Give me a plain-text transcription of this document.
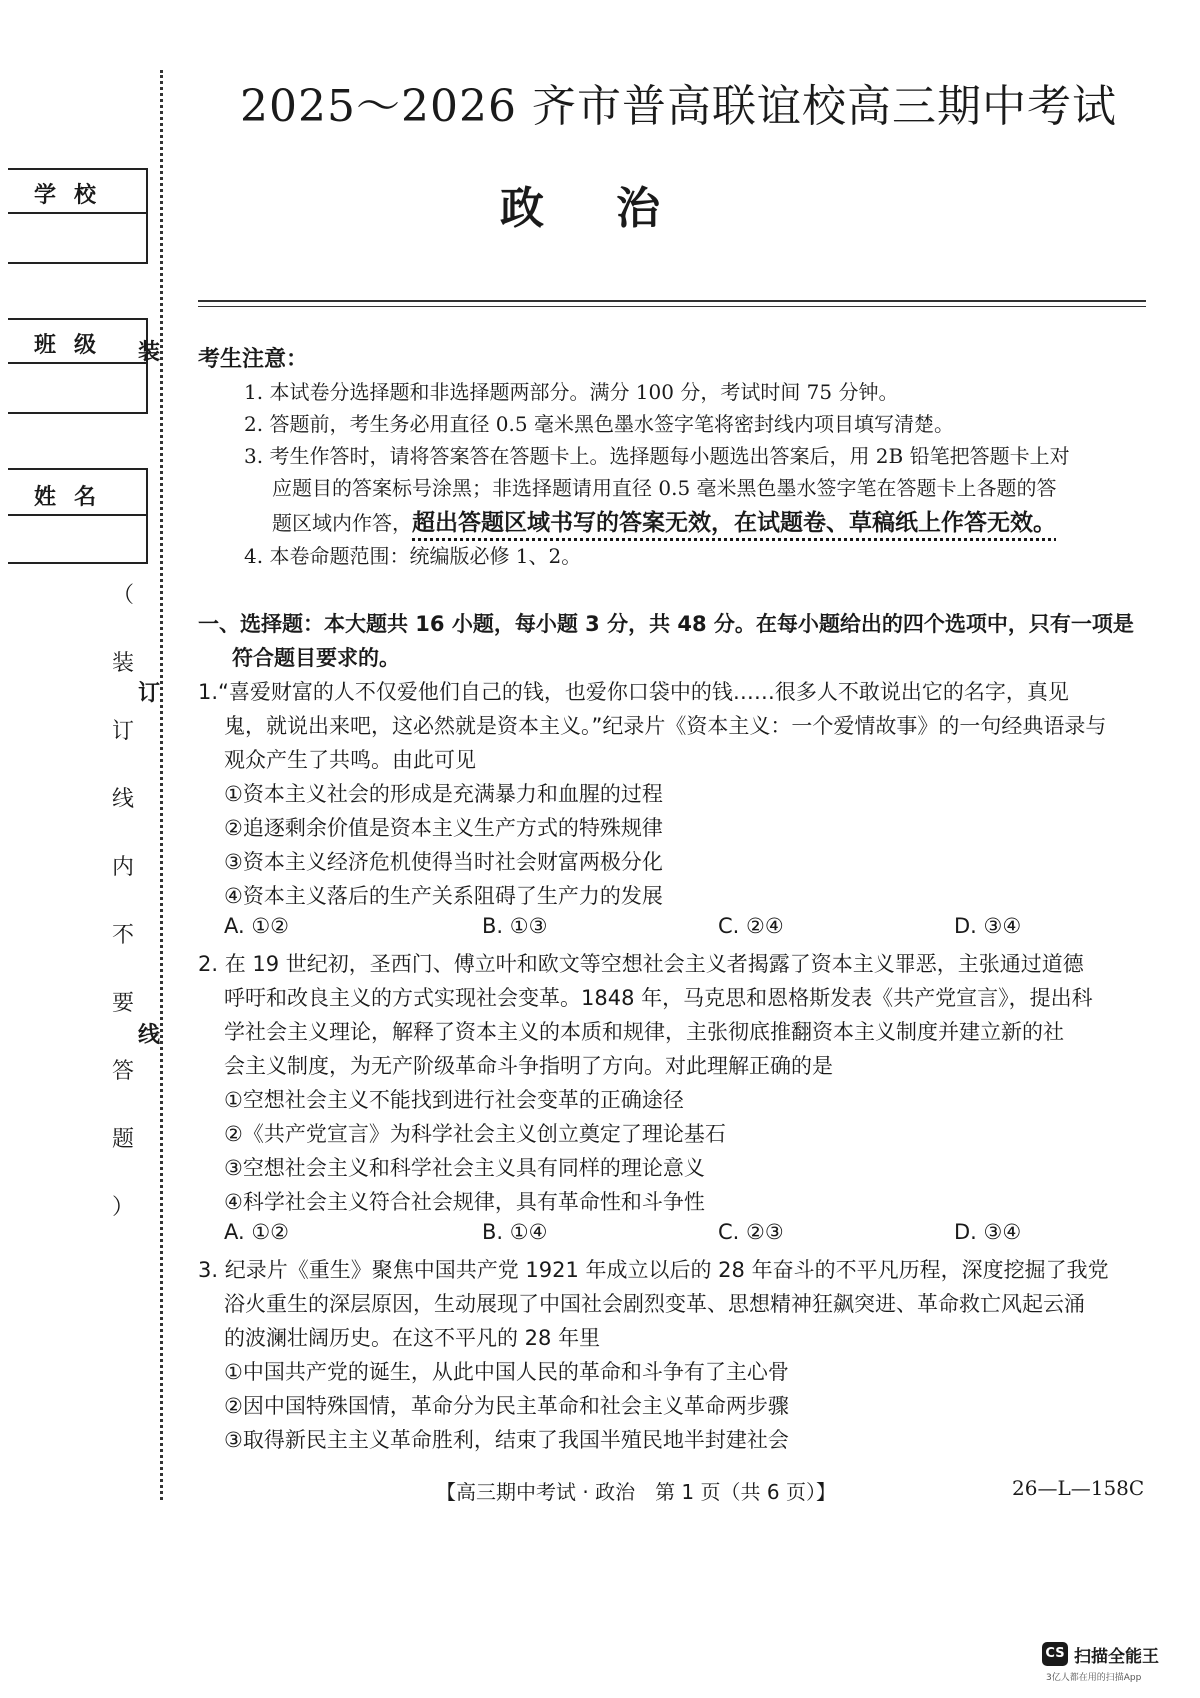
2025～2026 齐市普高联谊校高三期中考试
政治
学校
班级
姓名
装
订
线
（
装
订
线
内
不
要
答
题
）
考生注意：
1. 本试卷分选择题和非选择题两部分。满分 100 分，考试时间 75 分钟。
2. 答题前，考生务必用直径 0.5 毫米黑色墨水签字笔将密封线内项目填写清楚。
3. 考生作答时，请将答案答在答题卡上。选择题每小题选出答案后，用 2B 铅笔把答题卡上对
应题目的答案标号涂黑；非选择题请用直径 0.5 毫米黑色墨水签字笔在答题卡上各题的答
题区域内作答，超出答题区域书写的答案无效，在试题卷、草稿纸上作答无效。
4. 本卷命题范围：统编版必修 1、2。
一、选择题：本大题共 16 小题，每小题 3 分，共 48 分。在每小题给出的四个选项中，只有一项是
符合题目要求的。
1.“喜爱财富的人不仅爱他们自己的钱，也爱你口袋中的钱……很多人不敢说出它的名字，真见
鬼，就说出来吧，这必然就是资本主义。”纪录片《资本主义：一个爱情故事》的一句经典语录与
观众产生了共鸣。由此可见
①资本主义社会的形成是充满暴力和血腥的过程
②追逐剩余价值是资本主义生产方式的特殊规律
③资本主义经济危机使得当时社会财富两极分化
④资本主义落后的生产关系阻碍了生产力的发展
A. ①②	B. ①③	C. ②④	D. ③④
2. 在 19 世纪初，圣西门、傅立叶和欧文等空想社会主义者揭露了资本主义罪恶，主张通过道德
呼吁和改良主义的方式实现社会变革。1848 年，马克思和恩格斯发表《共产党宣言》，提出科
学社会主义理论，解释了资本主义的本质和规律，主张彻底推翻资本主义制度并建立新的社
会主义制度，为无产阶级革命斗争指明了方向。对此理解正确的是
①空想社会主义不能找到进行社会变革的正确途径
②《共产党宣言》为科学社会主义创立奠定了理论基石
③空想社会主义和科学社会主义具有同样的理论意义
④科学社会主义符合社会规律，具有革命性和斗争性
A. ①②	B. ①④	C. ②③	D. ③④
3. 纪录片《重生》聚焦中国共产党 1921 年成立以后的 28 年奋斗的不平凡历程，深度挖掘了我党
浴火重生的深层原因，生动展现了中国社会剧烈变革、思想精神狂飙突进、革命救亡风起云涌
的波澜壮阔历史。在这不平凡的 28 年里
①中国共产党的诞生，从此中国人民的革命和斗争有了主心骨
②因中国特殊国情，革命分为民主革命和社会主义革命两步骤
③取得新民主主义革命胜利，结束了我国半殖民地半封建社会
【高三期中考试 · 政治　第 1 页（共 6 页）】	26—L—158C
CS 扫描全能王
3亿人都在用的扫描App
